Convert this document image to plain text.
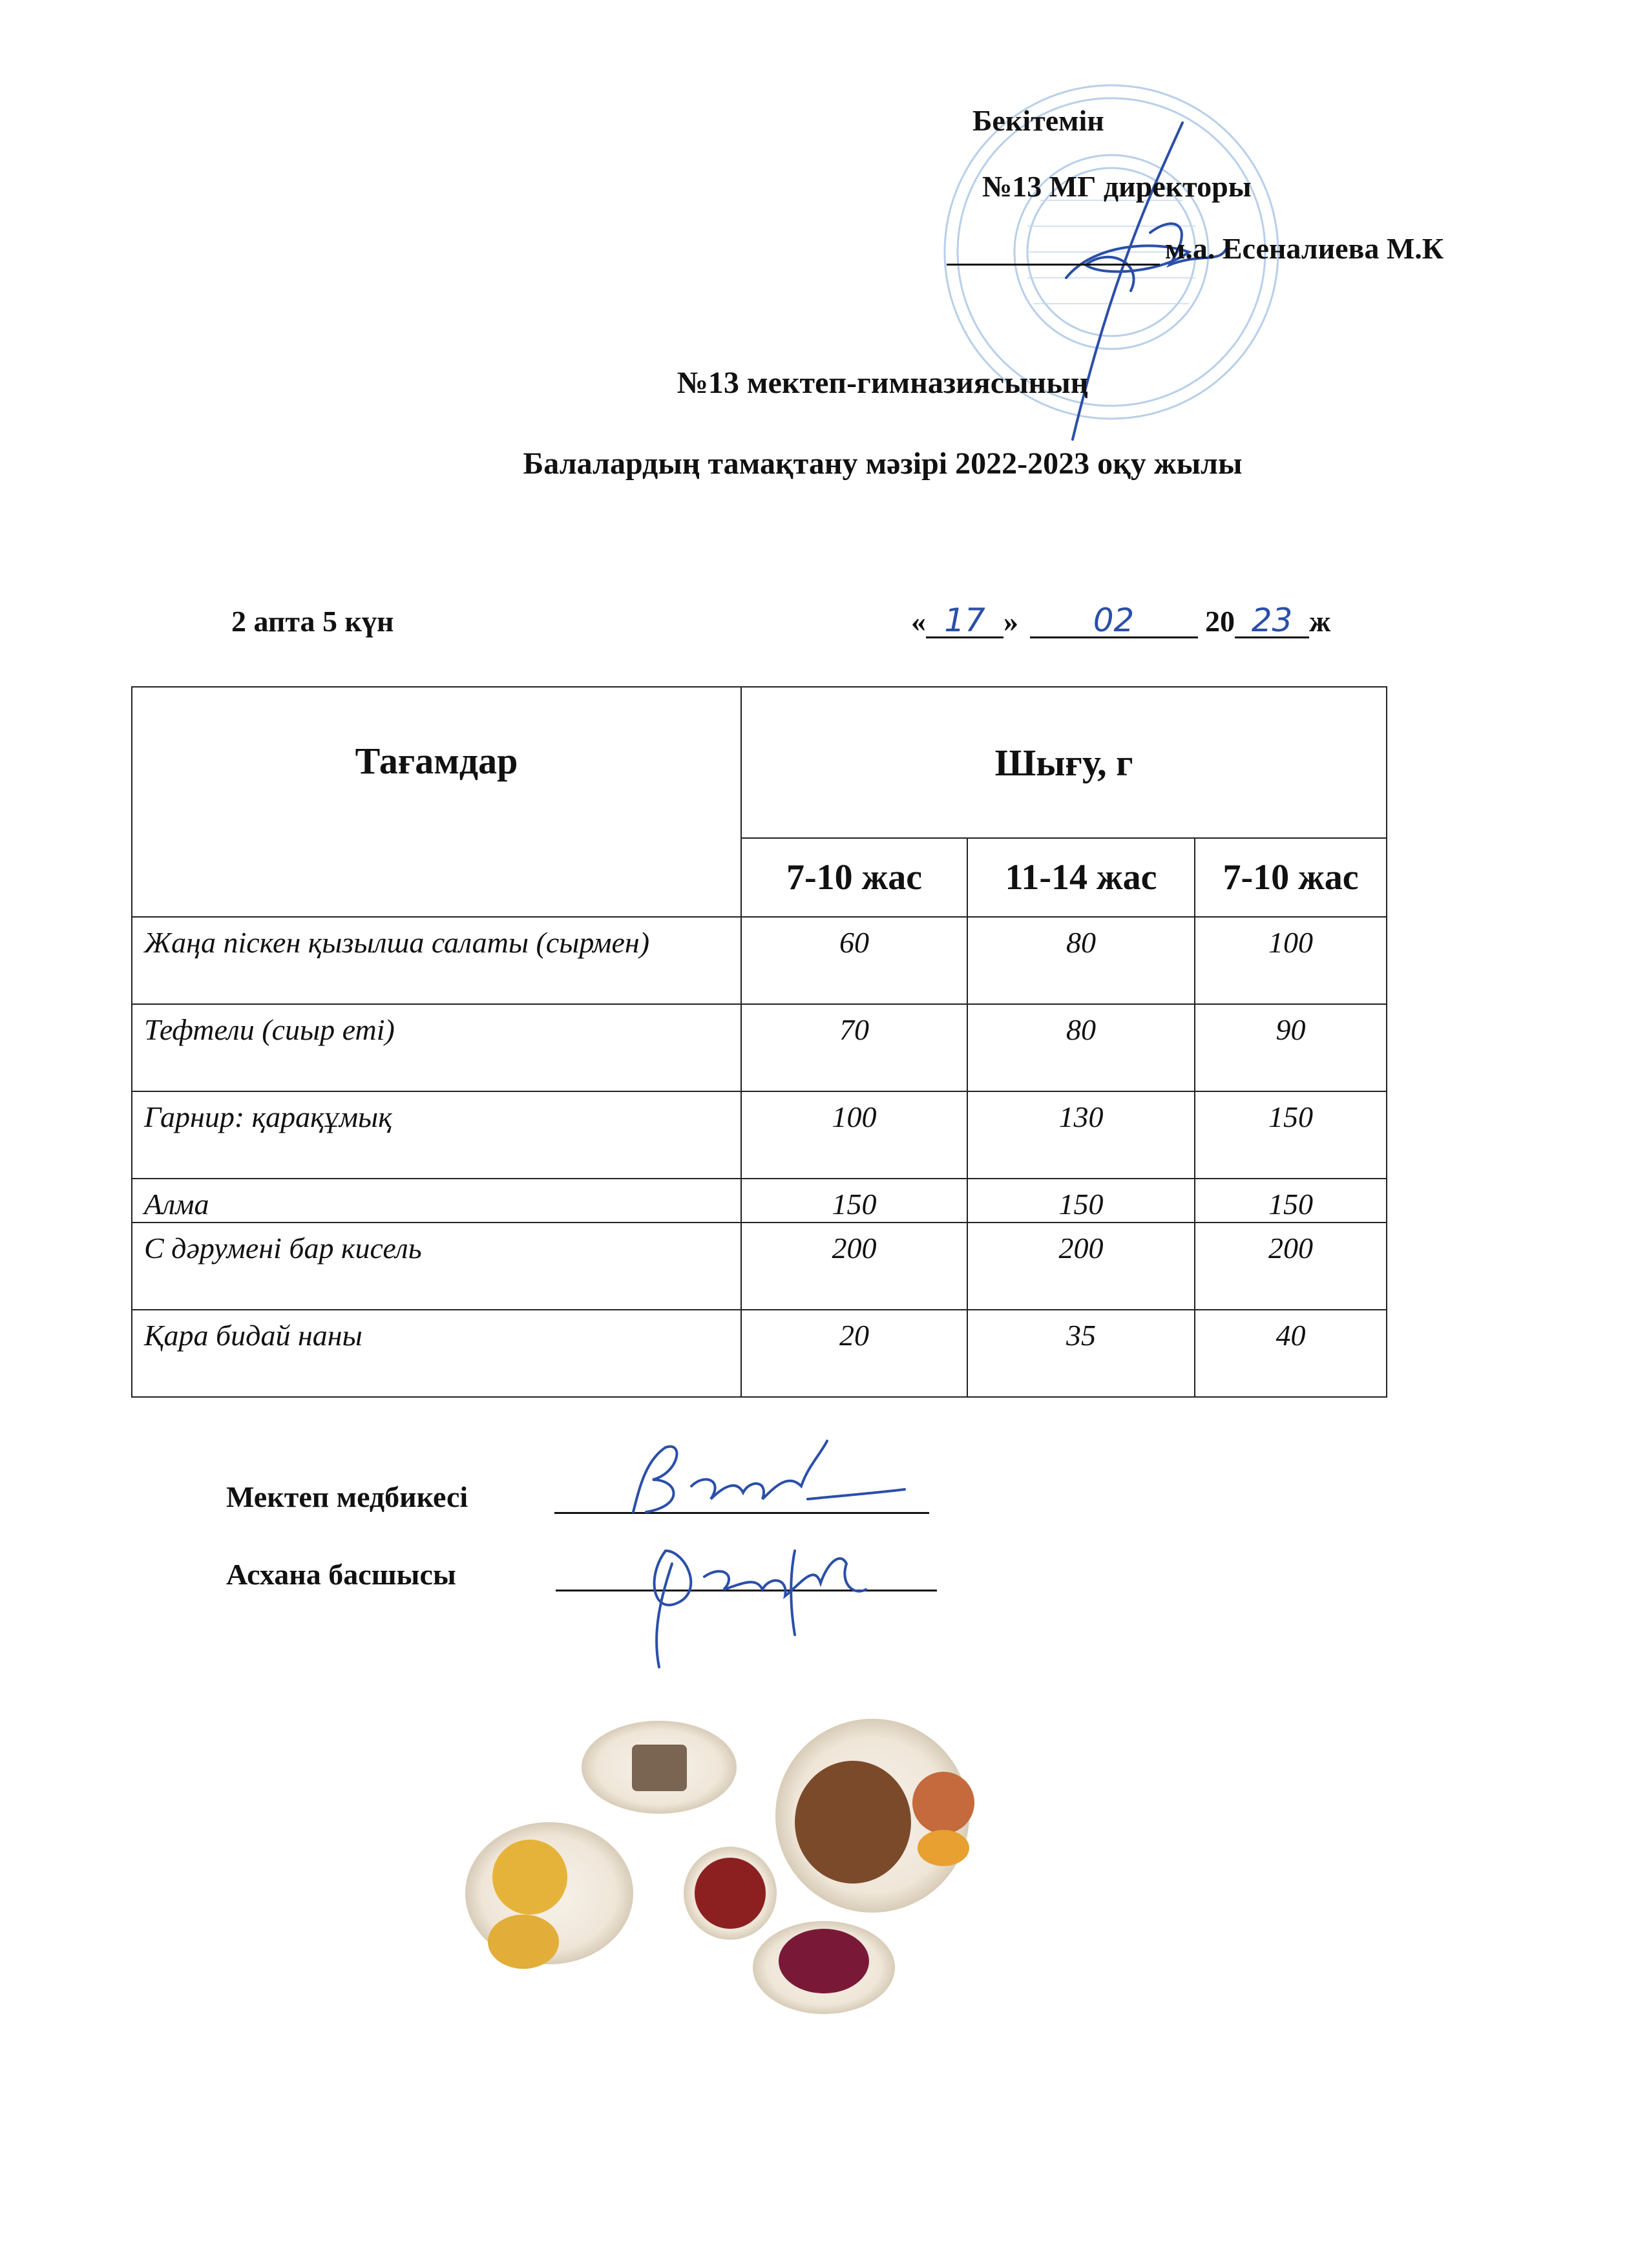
Бекітемін
№13 МГ директоры
м.а. Есеналиева М.К
№13 мектеп-гимназиясының
Балалардың тамақтану мәзірі 2022-2023 оқу жылы
2 апта 5 күн	« 17 » 02 20 23 ж
Тағамдар	Шығу, г		
	7-10 жас	11-14 жас	7-10 жас
Жаңа піскен қызылша салаты (сырмен)	60	80	100
Тефтели (сиыр еті)	70	80	90
Гарнир: қарақұмық	100	130	150
Алма	150	150	150
С дәрумені бар кисель	200	200	200
Қара бидай наны	20	35	40
Мектеп медбикесі
Асхана басшысы
